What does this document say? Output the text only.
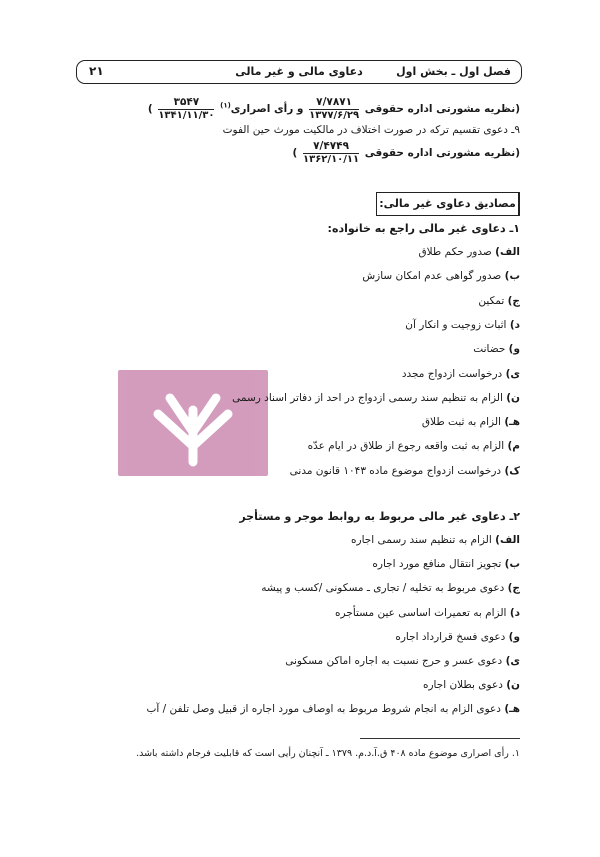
فصل اول ـ بخش اول
دعاوی مالی و غیر مالی
۲۱
(نظریه مشورتی اداره حقوقی
$\frac{۷/۷۸۷۱}{۱۳۷۷/۶/۲۹}$
و رأی اصراری$^{(۱)}$
$\frac{۳۵۴۷}{۱۳۴۱/۱۱/۳۰}$
)
۹ـ دعوی تقسیم ترکه در صورت اختلاف در مالکیت مورث حین الفوت
(نظریه مشورتی اداره حقوقی
$\frac{۷/۴۷۴۹}{۱۳۶۲/۱۰/۱۱}$
)
مصادیق دعاوی غیر مالی:
۱ـ دعاوی غیر مالی راجع به خانواده:
الف) صدور حکم طلاق
ب) صدور گواهی عدم امکان سازش
ج) تمکین
د) اثبات زوجیت و انکار آن
و) حضانت
ی) درخواست ازدواج مجدد
ن) الزام به تنظیم سند رسمی ازدواج در احد از دفاتر اسناد رسمی
هـ) الزام به ثبت طلاق
م) الزام به ثبت واقعه رجوع از طلاق در ایام عدّه
ک) درخواست ازدواج موضوع ماده ۱۰۴۳ قانون مدنی
۲ـ دعاوی غیر مالی مربوط به روابط موجر و مستأجر
الف) الزام به تنظیم سند رسمی اجاره
ب) تجویز انتقال منافع مورد اجاره
ج) دعوی مربوط به تخلیه / تجاری ـ مسکونی /کسب و پیشه
د) الزام به تعمیرات اساسی عین مستأجره
و) دعوی فسخ قرارداد اجاره
ی) دعوی عسر و حرج نسبت به اجاره اماکن مسکونی
ن) دعوی بطلان اجاره
هـ) دعوی الزام به انجام شروط مربوط به اوصاف مورد اجاره از قبیل وصل تلفن / آب
۱. رأی اصراری موضوع ماده ۴۰۸ ق.آ.د.م. ۱۳۷۹ ـ آنچنان رأیی است که قابلیت فرجام داشته باشد.
